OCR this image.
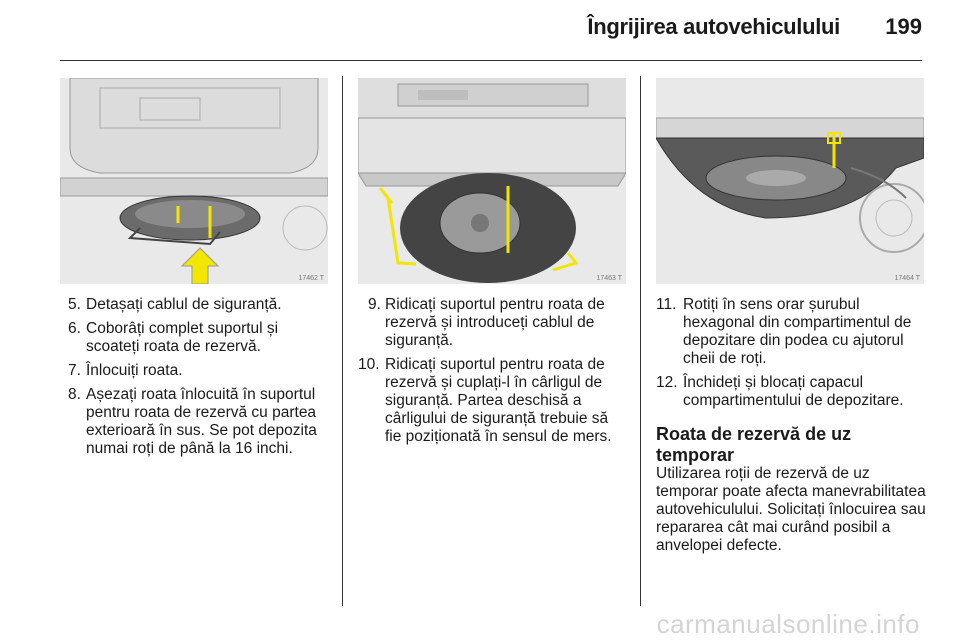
Îngrijirea autovehiculului 199
17462 T	17463 T	17464 T
5. Detașați cablul de siguranță.
6. Coborâți complet suportul și scoateți roata de rezervă.
7. Înlocuiți roata.
8. Așezați roata înlocuită în suportul pentru roata de rezervă cu partea exterioară în sus. Se pot depozita numai roți de până la 16 inchi.
9. Ridicați suportul pentru roata de rezervă și introduceți cablul de siguranță.
10. Ridicați suportul pentru roata de rezervă și cuplați-l în cârligul de siguranță. Partea deschisă a cârligului de siguranță trebuie să fie poziționată în sensul de mers.
11. Rotiți în sens orar șurubul hexagonal din compartimentul de depozitare din podea cu ajutorul cheii de roți.
12. Închideți și blocați capacul compartimentului de depozitare.
Roata de rezervă de uz temporar
Utilizarea roții de rezervă de uz temporar poate afecta manevrabilitatea autovehiculului. Solicitați înlocuirea sau repararea cât mai curând posibil a anvelopei defecte.
carmanualsonline.info
